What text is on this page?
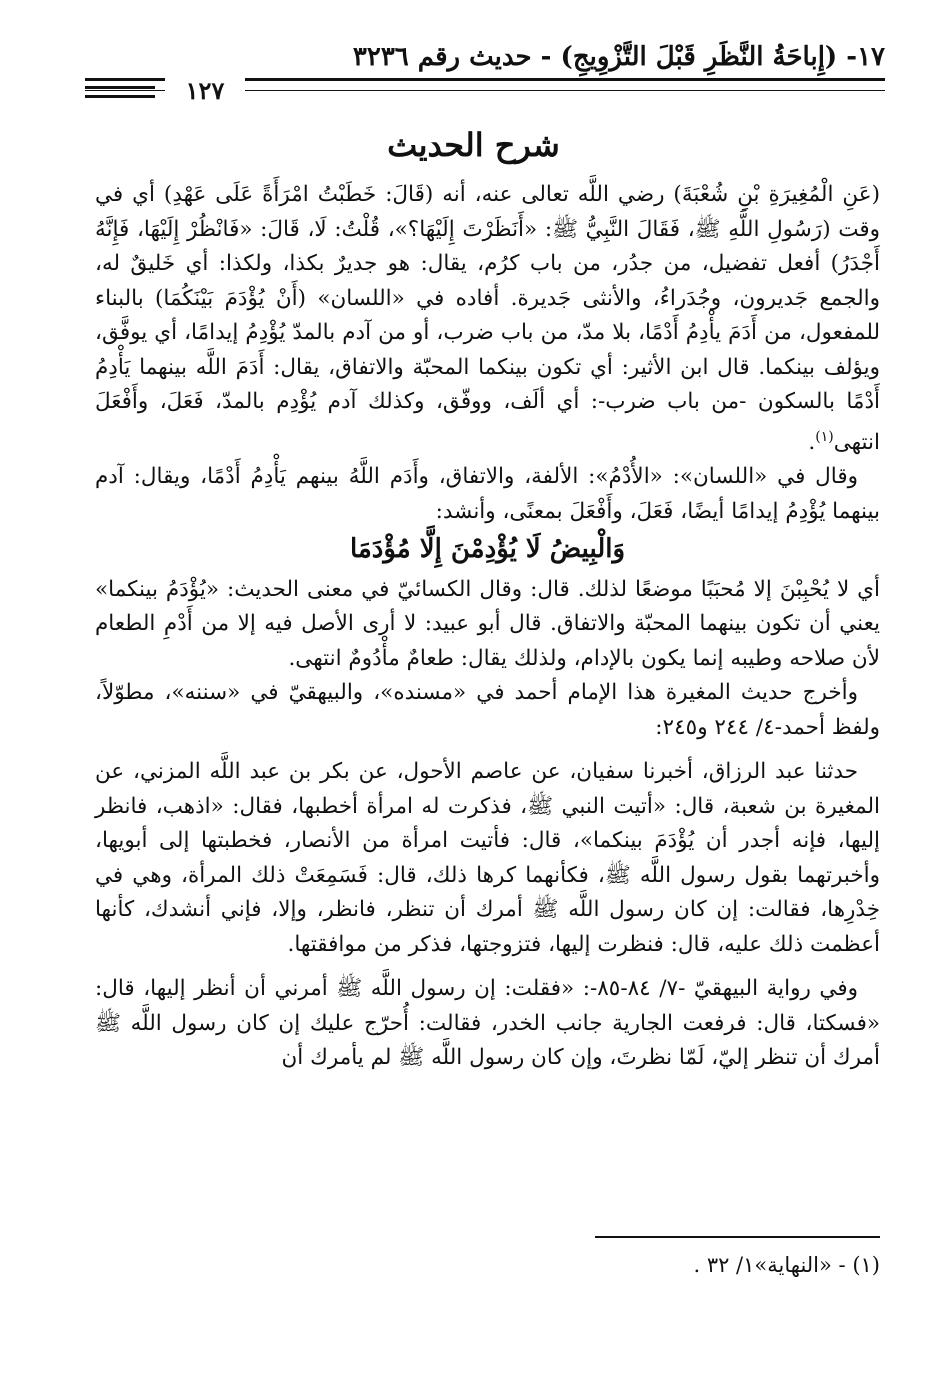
١٧- (إِباحَةُ النَّظَرِ قَبْلَ التَّزْوِيجِ) - حديث رقم ٣٢٣٦
١٢٧
شرح الحديث

(عَنِ الْمُغِيرَةِ بْنِ شُعْبَةَ) رضي اللَّه تعالى عنه، أنه (قَالَ: خَطَبْتُ امْرَأَةً عَلَى عَهْدِ) أي في وقت (رَسُولِ اللَّهِ ﷺ، فَقَالَ النَّبِيُّ ﷺ: «أَنَظَرْتَ إِلَيْهَا؟»، قُلْتُ: لَا، قَالَ: «فَانْظُرْ إِلَيْهَا، فَإِنَّهُ أَجْدَرُ) أفعل تفضيل، من جدُر، من باب كرُم، يقال: هو جديرٌ بكذا، ولكذا: أي خَليقٌ له، والجمع جَديرون، وجُدَراءُ، والأنثى جَديرة. أفاده في «اللسان» (أَنْ يُؤْدَمَ بَيْنَكُمَا) بالبناء للمفعول، من أَدَمَ يأْدِمُ أَدْمًا، بلا مدّ، من باب ضرب، أو من آدم بالمدّ يُؤْدِمُ إيدامًا، أي يوفَّق، ويؤلف بينكما. قال ابن الأثير: أي تكون بينكما المحبّة والاتفاق، يقال: أَدَمَ اللَّه بينهما يَأْدِمُ أَدْمًا بالسكون -من باب ضرب-: أي ألَف، ووفّق، وكذلك آدم يُؤْدِم بالمدّ، فَعَلَ، وأَفْعَلَ انتهى$^{(١)}$.

وقال في «اللسان»: «الأُدْمُ»: الألفة، والاتفاق، وأَدَم اللَّهُ بينهم يَأْدِمُ أَدْمًا، ويقال: آدم بينهما يُؤْدِمُ إيدامًا أيضًا، فَعَلَ، وأَفْعَلَ بمعنًى، وأنشد:

وَالْبِيضُ لَا يُؤْدِمْنَ إِلَّا مُؤْدَمَا

أي لا يُحْبِبْنَ إلا مُحبَبًا موضعًا لذلك. قال: وقال الكسائيّ في معنى الحديث: «يُؤْدَمُ بينكما» يعني أن تكون بينهما المحبّة والاتفاق. قال أبو عبيد: لا أرى الأصل فيه إلا من أَدْمِ الطعام لأن صلاحه وطيبه إنما يكون بالإدام، ولذلك يقال: طعامٌ مأْدُومٌ انتهى.

وأخرج حديث المغيرة هذا الإمام أحمد في «مسنده»، والبيهقيّ في «سننه»، مطوّلاً، ولفظ أحمد-٤/ ٢٤٤ و٢٤٥:

حدثنا عبد الرزاق، أخبرنا سفيان، عن عاصم الأحول، عن بكر بن عبد اللَّه المزني، عن المغيرة بن شعبة، قال: «أتيت النبي ﷺ، فذكرت له امرأة أخطبها، فقال: «اذهب، فانظر إليها، فإنه أجدر أن يُؤْدَمَ بينكما»، قال: فأتيت امرأة من الأنصار، فخطبتها إلى أبويها، وأخبرتهما بقول رسول اللَّه ﷺ، فكأنهما كرها ذلك، قال: فَسَمِعَتْ ذلك المرأة، وهي في خِدْرِها، فقالت: إن كان رسول اللَّه ﷺ أمرك أن تنظر، فانظر، وإلا، فإني أنشدك، كأنها أعظمت ذلك عليه، قال: فنظرت إليها، فتزوجتها، فذكر من موافقتها.

وفي رواية البيهقيّ -٧/ ٨٤-٨٥-: «فقلت: إن رسول اللَّه ﷺ أمرني أن أنظر إليها، قال: «فسكتا، قال: فرفعت الجارية جانب الخدر، فقالت: أُحرّج عليك إن كان رسول اللَّه ﷺ أمرك أن تنظر إليّ، لَمّا نظرتَ، وإن كان رسول اللَّه ﷺ لم يأمرك أن

(١) - «النهاية»١/ ٣٢ .
